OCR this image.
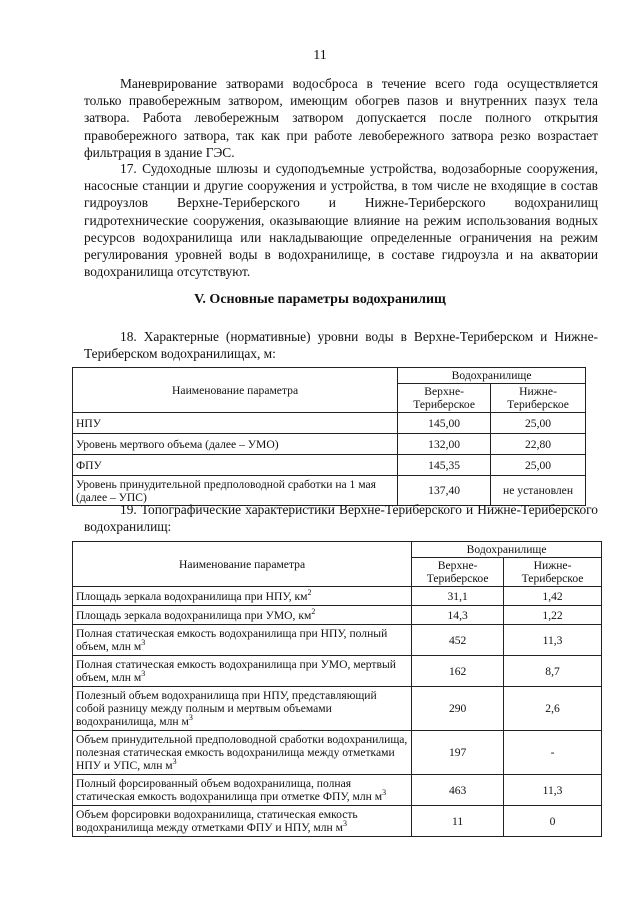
11

Маневрирование затворами водосброса в течение всего года осуществляется только правобережным затвором, имеющим обогрев пазов и внутренних пазух тела затвора. Работа левобережным затвором допускается после полного открытия правобережного затвора, так как при работе левобережного затвора резко возрастает фильтрация в здание ГЭС.

17. Судоходные шлюзы и судоподъемные устройства, водозаборные сооружения, насосные станции и другие сооружения и устройства, в том числе не входящие в состав гидроузлов Верхне-Териберского и Нижне-Териберского водохранилищ гидротехнические сооружения, оказывающие влияние на режим использования водных ресурсов водохранилища или накладывающие определенные ограничения на режим регулирования уровней воды в водохранилище, в составе гидроузла и на акватории водохранилища отсутствуют.

V. Основные параметры водохранилищ

18. Характерные (нормативные) уровни воды в Верхне-Териберском и Нижне-Териберском водохранилищах, м:

Наименование параметра	Водохранилище	
	Верхне-Териберское	Нижне-Териберское
НПУ	145,00	25,00
Уровень мертвого объема (далее – УМО)	132,00	22,80
ФПУ	145,35	25,00
Уровень принудительной предполоводной сработки на 1 мая (далее – УПС)	137,40	не установлен

19. Топографические характеристики Верхне-Териберского и Нижне-Териберского водохранилищ:

Наименование параметра	Водохранилище	
	Верхне-Териберское	Нижне-Териберское
Площадь зеркала водохранилища при НПУ, $км^2$	31,1	1,42
Площадь зеркала водохранилища при УМО, $км^2$	14,3	1,22
Полная статическая емкость водохранилища при НПУ, полный объем, млн $м^3$	452	11,3
Полная статическая емкость водохранилища при УМО, мертвый объем, млн $м^3$	162	8,7
Полезный объем водохранилища при НПУ, представляющий собой разницу между полным и мертвым объемами водохранилища, млн $м^3$	290	2,6
Объем принудительной предполоводной сработки водохранилища, полезная статическая емкость водохранилища между отметками НПУ и УПС, млн $м^3$	197	-
Полный форсированный объем водохранилища, полная статическая емкость водохранилища при отметке ФПУ, млн $м^3$	463	11,3
Объем форсировки водохранилища, статическая емкость водохранилища между отметками ФПУ и НПУ, млн $м^3$	11	0
